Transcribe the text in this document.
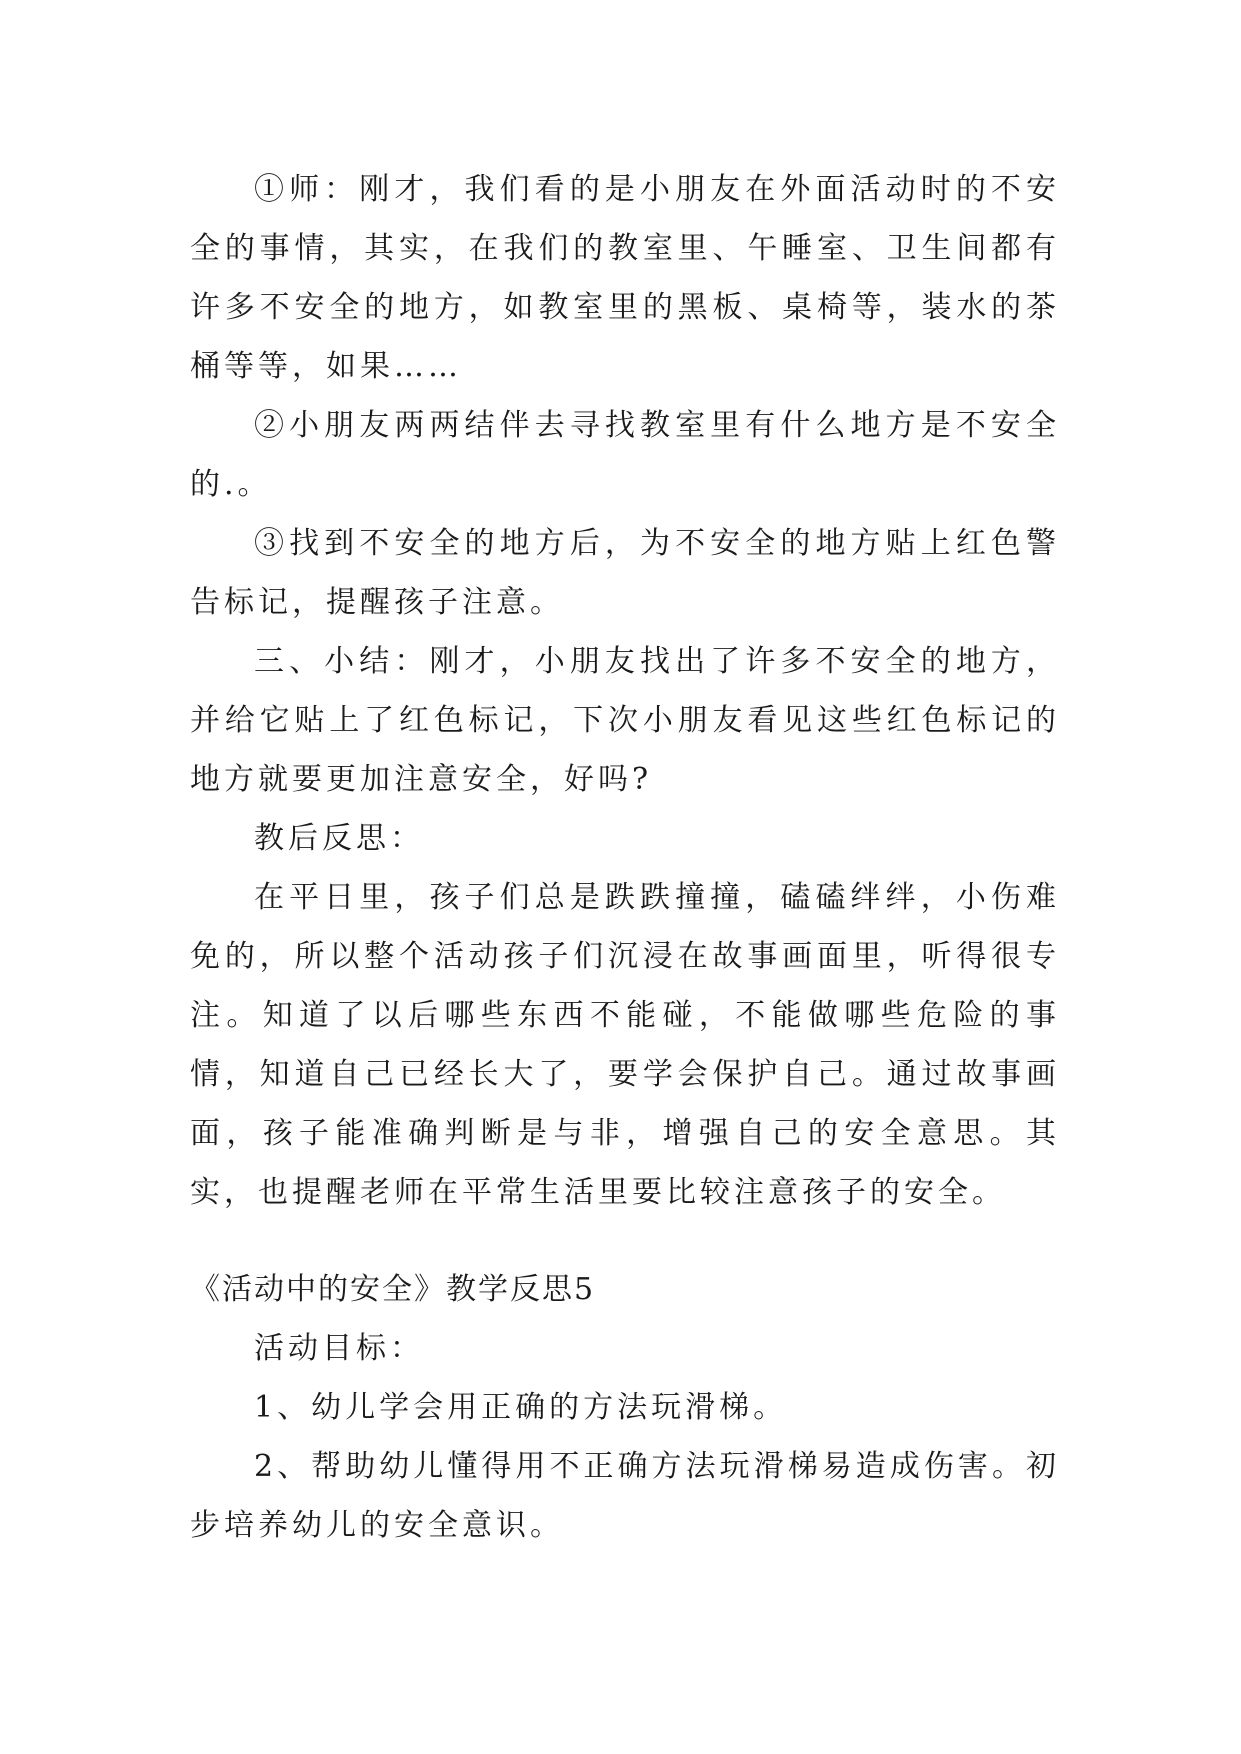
①师：刚才，我们看的是小朋友在外面活动时的不安全的事情，其实，在我们的教室里、午睡室、卫生间都有许多不安全的地方，如教室里的黑板、桌椅等，装水的茶桶等等，如果……

②小朋友两两结伴去寻找教室里有什么地方是不安全的.。

③找到不安全的地方后，为不安全的地方贴上红色警告标记，提醒孩子注意。

三、小结：刚才，小朋友找出了许多不安全的地方，并给它贴上了红色标记，下次小朋友看见这些红色标记的地方就要更加注意安全，好吗?

教后反思：

在平日里，孩子们总是跌跌撞撞，磕磕绊绊，小伤难免的，所以整个活动孩子们沉浸在故事画面里，听得很专注。知道了以后哪些东西不能碰，不能做哪些危险的事情，知道自己已经长大了，要学会保护自己。通过故事画面，孩子能准确判断是与非，增强自己的安全意思。其实，也提醒老师在平常生活里要比较注意孩子的安全。

《活动中的安全》教学反思5

活动目标：

1、幼儿学会用正确的方法玩滑梯。

2、帮助幼儿懂得用不正确方法玩滑梯易造成伤害。初步培养幼儿的安全意识。
